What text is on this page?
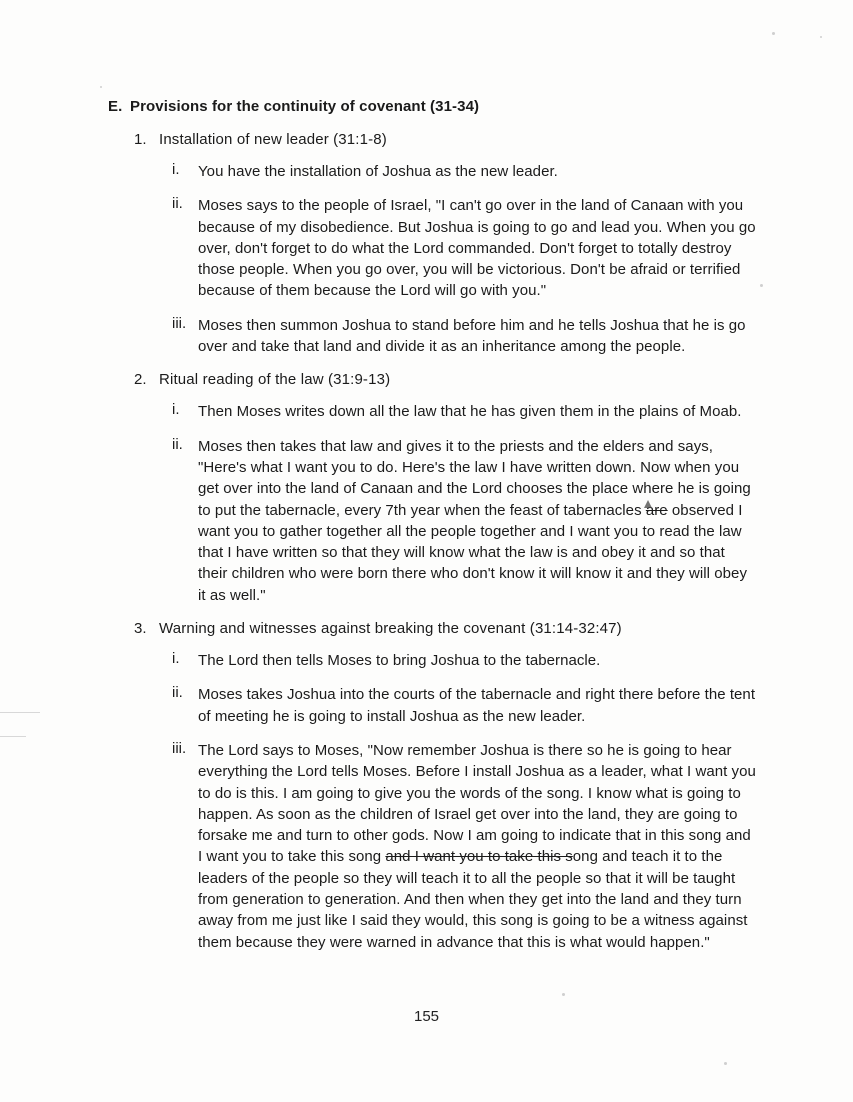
E. Provisions for the continuity of covenant (31-34)
1. Installation of new leader (31:1-8)
i.	You have the installation of Joshua as the new leader.
ii.	Moses says to the people of Israel, "I can't go over in the land of Canaan with you because of my disobedience. But Joshua is going to go and lead you. When you go over, don't forget to do what the Lord commanded. Don't forget to totally destroy those people. When you go over, you will be victorious. Don't be afraid or terrified because of them because the Lord will go with you."
iii. Moses then summon Joshua to stand before him and he tells Joshua that he is go over and take that land and divide it as an inheritance among the people.
2. Ritual reading of the law (31:9-13)
i.	Then Moses writes down all the law that he has given them in the plains of Moab.
ii.	Moses then takes that law and gives it to the priests and the elders and says, "Here's what I want you to do. Here's the law I have written down. Now when you get over into the land of Canaan and the Lord chooses the place where he is going to put the tabernacle, every 7th year when the feast of tabernacles are observed I want you to gather together all the people together and I want you to read the law that I have written so that they will know what the law is and obey it and so that their children who were born there who don't know it will know it and they will obey it as well."
3. Warning and witnesses against breaking the covenant (31:14-32:47)
i.	The Lord then tells Moses to bring Joshua to the tabernacle.
ii.	Moses takes Joshua into the courts of the tabernacle and right there before the tent of meeting he is going to install Joshua as the new leader.
iii. The Lord says to Moses, "Now remember Joshua is there so he is going to hear everything the Lord tells Moses. Before I install Joshua as a leader, what I want you to do is this. I am going to give you the words of the song. I know what is going to happen. As soon as the children of Israel get over into the land, they are going to forsake me and turn to other gods. Now I am going to indicate that in this song and I want you to take this song and I want you to take this song and teach it to the leaders of the people so they will teach it to all the people so that it will be taught from generation to generation. And then when they get into the land and they turn away from me just like I said they would, this song is going to be a witness against them because they were warned in advance that this is what would happen."
155
